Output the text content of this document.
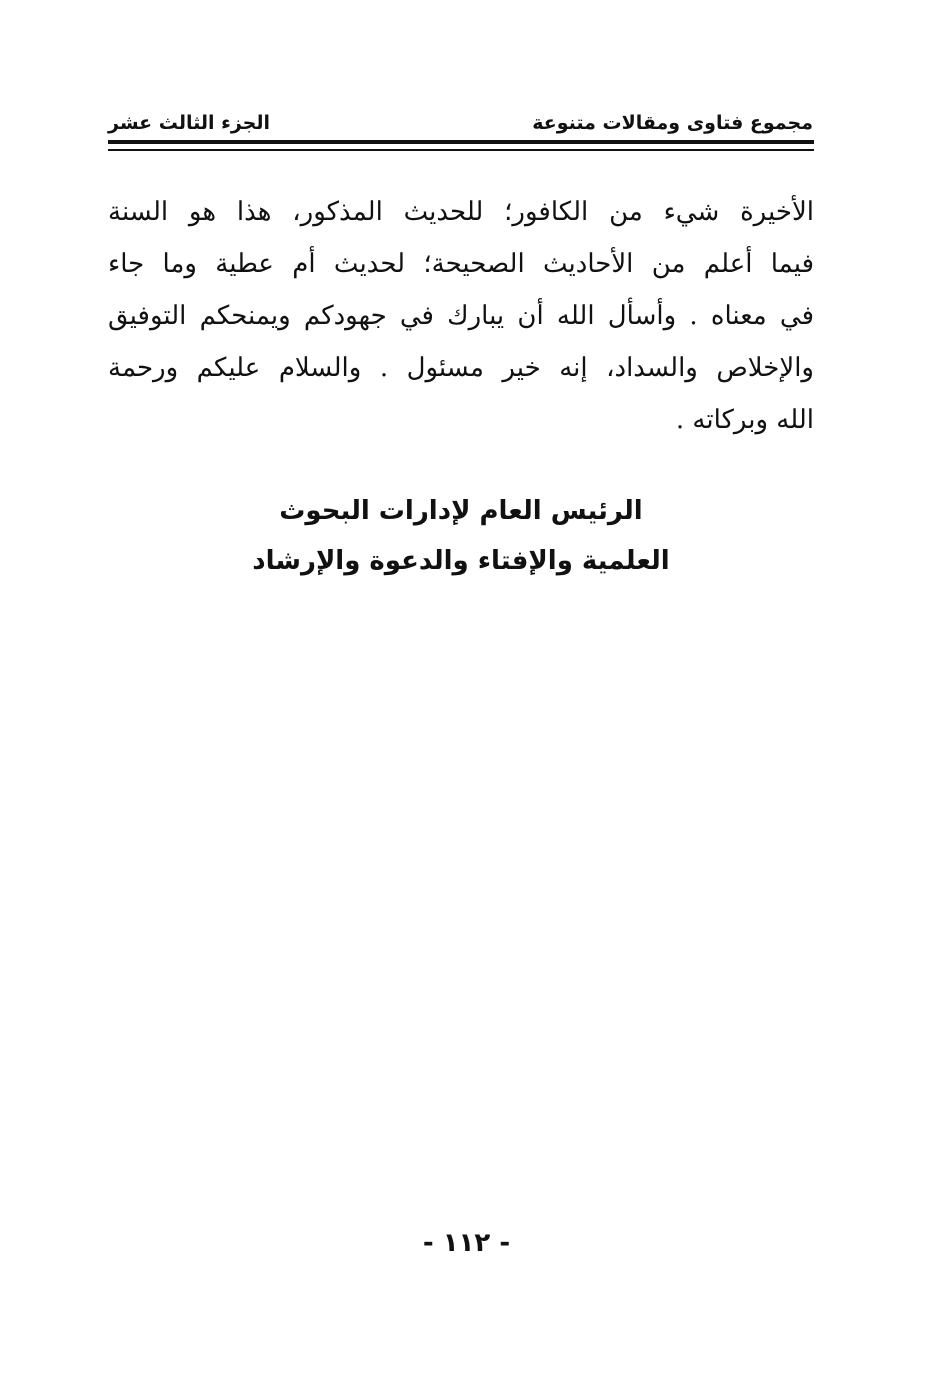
مجموع فتاوى ومقالات متنوعة
الجزء الثالث عشر
الأخيرة شيء من الكافور؛ للحديث المذكور، هذا هو السنة
فيما أعلم من الأحاديث الصحيحة؛ لحديث أم عطية وما جاء
في معناه . وأسأل الله أن يبارك في جهودكم ويمنحكم التوفيق
والإخلاص والسداد، إنه خير مسئول . والسلام عليكم ورحمة
الله وبركاته .
الرئيس العام لإدارات البحوث
العلمية والإفتاء والدعوة والإرشاد
- ١١٢ -
